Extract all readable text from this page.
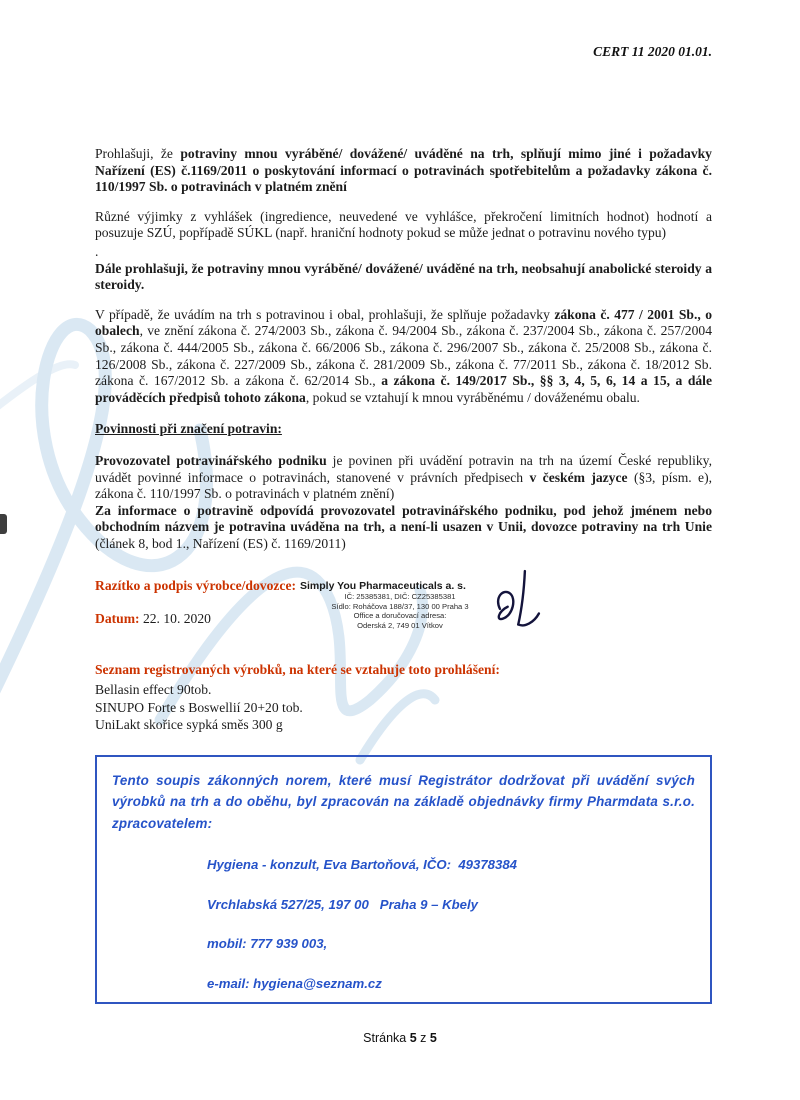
CERT 11 2020 01.01.

Prohlašuji, že potraviny mnou vyráběné/ dovážené/ uváděné na trh, splňují mimo jiné i požadavky Nařízení (ES) č.1169/2011 o poskytování informací o potravinách spotřebitelům a požadavky zákona č. 110/1997 Sb. o potravinách v platném znění

Různé výjimky z vyhlášek (ingredience, neuvedené ve vyhlášce, překročení limitních hodnot) hodnotí a posuzuje SZÚ, popřípadě SÚKL (např. hraniční hodnoty pokud se může jednat o potravinu nového typu)

.

Dále prohlašuji, že potraviny mnou vyráběné/ dovážené/ uváděné na trh, neobsahují anabolické steroidy a steroidy.

V případě, že uvádím na trh s potravinou i obal, prohlašuji, že splňuje požadavky zákona č. 477 / 2001 Sb., o obalech, ve znění zákona č. 274/2003 Sb., zákona č. 94/2004 Sb., zákona č. 237/2004 Sb., zákona č. 257/2004 Sb., zákona č. 444/2005 Sb., zákona č. 66/2006 Sb., zákona č. 296/2007 Sb., zákona č. 25/2008 Sb., zákona č. 126/2008 Sb., zákona č. 227/2009 Sb., zákona č. 281/2009 Sb., zákona č. 77/2011 Sb., zákona č. 18/2012 Sb. zákona č. 167/2012 Sb. a zákona č. 62/2014 Sb., a zákona č. 149/2017 Sb., §§ 3, 4, 5, 6, 14 a 15, a dále prováděcích předpisů tohoto zákona, pokud se vztahují k mnou vyráběnému / dováženému obalu.

Povinnosti při značení potravin:

Provozovatel potravinářského podniku je povinen při uvádění potravin na trh na území České republiky, uvádět povinné informace o potravinách, stanovené v právních předpisech v českém jazyce (§3, písm. e), zákona č. 110/1997 Sb. o potravinách v platném znění)

Za informace o potravině odpovídá provozovatel potravinářského podniku, pod jehož jménem nebo obchodním názvem je potravina uváděna na trh, a není-li usazen v Unii, dovozce potraviny na trh Unie (článek 8, bod 1., Nařízení (ES) č. 1169/2011)

Razítko a podpis výrobce/dovozce:
Datum: 22. 10. 2020
Simply You Pharmaceuticals a. s.
IČ: 25385381, DIČ: CZ25385381
Sídlo: Roháčova 188/37, 130 00 Praha 3
Office a doručovací adresa:
Oderská 2, 749 01 Vítkov

Seznam registrovaných výrobků, na které se vztahuje toto prohlášení:

Bellasin effect 90tob.
SINUPO Forte s Boswellií 20+20 tob.
UniLakt skořice sypká směs 300 g

Tento soupis zákonných norem, které musí Registrátor dodržovat při uvádění svých výrobků na trh a do oběhu, byl zpracován na základě objednávky firmy Pharmdata s.r.o. zpracovatelem:

Hygiena - konzult, Eva Bartoňová, IČO:  49378384
Vrchlabská 527/25, 197 00   Praha 9 – Kbely
mobil: 777 939 003,
e-mail: hygiena@seznam.cz
Stránka 5 z 5
